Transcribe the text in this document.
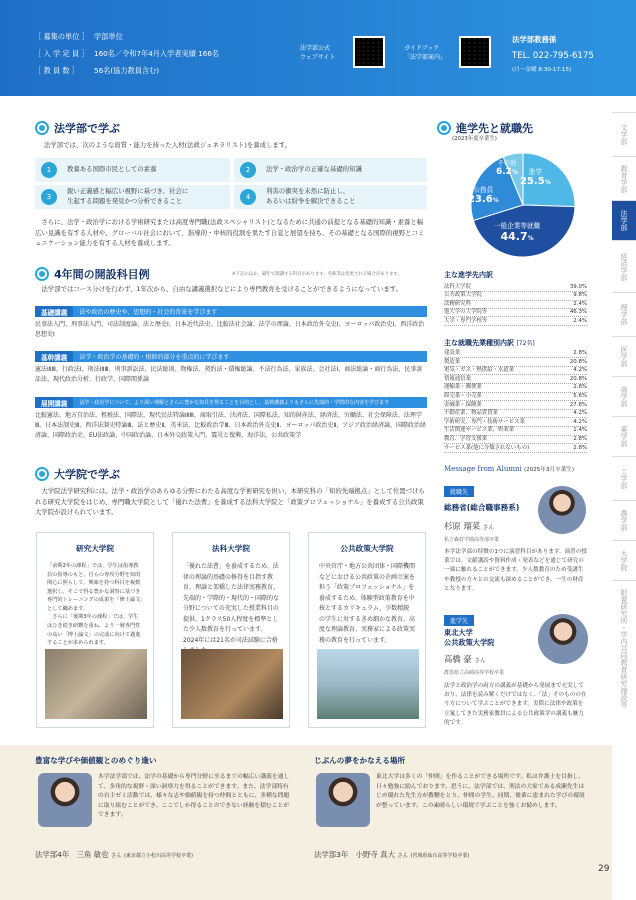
［ 募集の単位 ］ 学部単位
［ 入 学 定 員 ］ 160名／令和7年4月入学者実績 166名
［ 教 員 数 ］	56名(協力教員含む)
法学部公式
ウェブサイト
ガイドブック
「法学部案内」
法学部教務係
TEL. 022-795-6175
(月～金曜 8:30-17:15)
文学部
教育学部
法学部
経済学部
理学部
医学部
歯学部
薬学部
工学部
農学部
大学院
附置研究所・学内共同教育研究施設等
法学部で学ぶ
法学部では、次のような資質・能力を持った人材(法政ジェネラリスト)を養成します。
1	教養ある国際市民としての素養	2	法学・政治学の正確な基礎的知識
3
鋭い正義感と幅広い視野に基づき、社会に
生起する問題を発見かつ分析できること
4
利害の衝突を未然に防止し、
あるいは紛争を解決できること
　さらに、法学・政治学における学術研究または高度専門職(法政スペシャリスト)となるために共通の前提となる基礎的知識・素養と幅広い見識を有する人材や、グローバル社会において、指導的・中核的役割を果たす自覚と展望を持ち、その基礎となる国際的視野とコミュニケーション能力を有する人材を養成します。
4年間の開設科目例	※下記のほか、隔年で開講する科目があります。名称等は変更される場合があります。
　法学部ではコース分けを行わず、1年次から、自由な講義選択などにより専門教育を受けることができるようになっています。
基礎講義	法や政治の歴史や、思想的・社会的背景を学びます
民事法入門、刑事法入門、司法制度論、法と歴史Ⅰ、日本近代法史、比較法社会論、法学の理論、日本政治外交史Ⅰ、ヨーロッパ政治史Ⅰ、西洋政治思想史Ⅰ
基幹講義	法学・政治学の基礎的・根幹的部分を重点的に学びます
憲法ⅠⅡⅢ、行政法Ⅰ、刑法ⅠⅡⅢ、刑事訴訟法、民法総則、物権法、契約法・債権総論、不法行為法、家族法、会社法Ⅰ、商法総論・商行為法、民事訴訟法、現代政治分析、行政学、国際関係論
展開講義	法学・政治学について、より深い理解とさらに豊かな知見を得ることを目的とし、基幹講義よりもさらに先端的・学際的な内容を学びます
比較憲法、地方自治法、租税法、国際法、現代民法特論ⅠⅡⅢ、商取引法、決済法、国際私法、知的財産法、経済法、労働法、社会保障法、法理学Ⅲ、日本法制史Ⅲ、西洋法制史特論Ⅲ、法と歴史Ⅱ、英米法、比較政治学Ⅲ、日本政治外交史Ⅱ、ヨーロッパ政治史Ⅱ、アジア政治経済論、国際政治経済論、国際政治史、EU法政論、中国政治論、日本外交政策入門、震災と復興、海洋法、公共政策学
大学院で学ぶ
　大学院法学研究科には、法学・政治学のあらゆる分野にわたる高度な学術研究を担い、本研究科の「知的先端拠点」として位置づけられる研究大学院をはじめ、専門職大学院として「優れた法曹」を養成する法科大学院と「政策プロフェッショナル」を養成する公共政策大学院が設けられています。
研究大学院
「前期2年の課程」では、学生は指導教員の指導のもと、自らの専攻分野を知的関心に照らして、興味を持つ科目を複数選択し、そこで得る豊かな洞察に基づき専門的トレーニングの成果を「修士論文」として纏めます。
　さらに「後期3年の課程」では、学生はひき続き研鑽を重ね、より一層専門性の高い「博士論文」の完成に向けて邁進することが求められます。
法科大学院
「優れた法曹」を養成するため、法律の理論的基礎の修得を目指す教育、理論と架橋した法律実務教育、先端的・学際的・現代的・国際的な分野についての充実した授業科目の提供、1クラス50人程度を標準とした少人数教育を行っています。2024年には21名が司法試験に合格
公共政策大学院
中央官庁・地方公共団体・国際機関などにおける公共政策の企画立案を担う「政策プロフェッショナル」を養成するため、体験型政策教育を中核とするカリキュラム、少数精鋭の学生に対するきめ細かな教育、高度な理論教育、実務家による政策実務の教育を行っています。
進学先と就職先
(2023年度卒業生)
進学
25.5%
一般企業等就職
44.7%
公務員
23.6%
その他
6.2%
主な進学先内訳
法科大学院	39.0%
公共政策大学院	9.8%
法務研究科	2.4%
他大学の大学院等	46.3%
大学・専門学校等	2.4%
主な就職先業種別内訳 [72名]
建設業	2.8%
製造業	20.8%
電気・ガス・熱供給・水道業	4.2%
情報通信業	20.8%
運輸業・郵便業	2.8%
卸売業・小売業	5.6%
金融業・保険業	27.8%
不動産業、物品賃貸業	4.2%
学術研究、専門・技術サービス業	4.2%
生活関連サービス業、娯楽業	1.4%
教育、学習支援業	2.8%
サービス業(他に分類されないもの)	2.8%
Message from Alumni (2025年3月卒業生)
就職先
総務省(総合職事務系)
杉原 瑠菜 さん
私立森村学園高等部卒業
本学法学部の特徴の1つに演習科目があります。演習の授業では、文献講読や資料作成・発表などを通じて研究の一端に触れることができます。少人数教育のため受講生や教授の方々との交流も深めることができ、一生の財産となります。
進学先
東北大学
公共政策大学院
高橋 豪 さん
群馬県立高崎高等学校卒業
法学と政治学の両方の講義が基礎から発展まで充実しており、法律を読み解くだけではなく、「法」そのものの在り方について学ぶことができます。実際に法律や政策を立案してきた実務家教員による公共政策学の講義も魅力的です。
豊富な学びや価値観とのめぐり逢い
本学法学部では、法学の基礎から専門分野に至るまでの幅広い講義を通して、多角的な視野・深い洞察力を得ることができます。また、法学部特有の自主ゼミ活動では、様々な志や価値観を持つ仲間とともに、多種な問題に取り組むことができ、ここでしか得ることのできない経験を積むことができます。
法学部4年　三角 敏也 さん (東京都立小松川高等学校卒業)
じぶんの夢をかなえる場所
東北大学は多くの「仲間」を作ることができる場所です。私は弁護士を目指し、日々勉強に励んでおります。思うに、法学部では、刑法の大家である成瀬先生はじめ優れた先生方が教鞭をとり、仲間の学生、同期、後輩に恵まれた学びの環境が整っています。この素晴らしい環境で学ぶことを強くお勧めします。
法学部3年　小野寺 真大 さん (宮城県仙台高等学校卒業)
29
